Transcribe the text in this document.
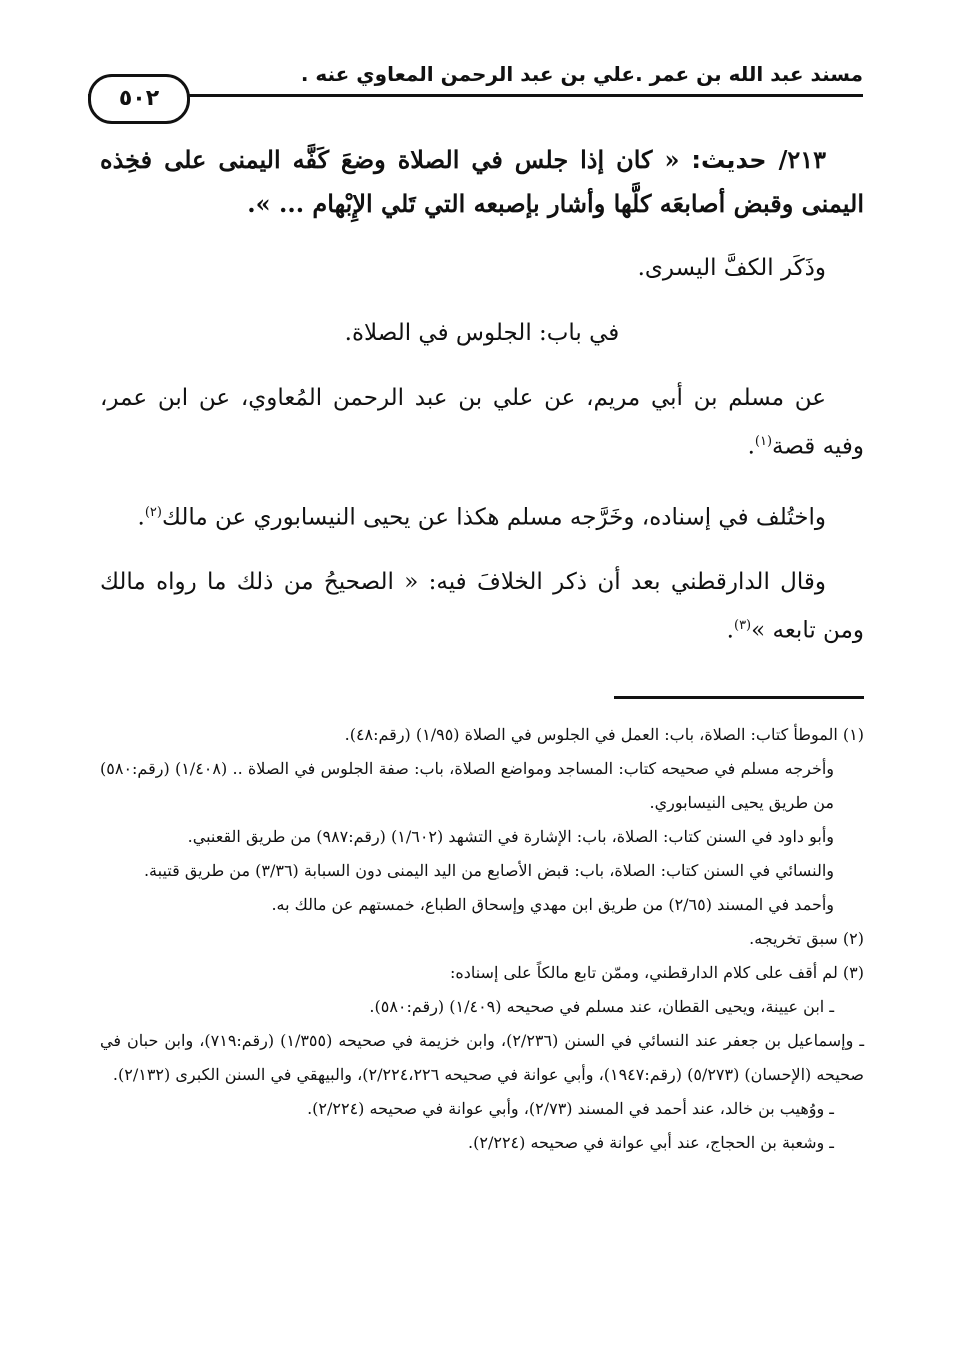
مسند عبد الله بن عمر .علي بن عبد الرحمن المعاوي عنه .
٥٠٢

٢١٣/ حديث: « كان إذا جلس في الصلاة وضعَ كَفَّه اليمنى على فخِذه اليمنى وقبض أصابعَه كلَّها وأشار بإصبعه التي تَلي الإِبْهام ... ».

وذَكَر الكفَّ اليسرى.

في باب: الجلوس في الصلاة.

عن مسلم بن أبي مريم، عن علي بن عبد الرحمن المُعاوي، عن ابن عمر، وفيه قصة$^{(١)}$.

واختُلف في إسناده، وخَرَّجه مسلم هكذا عن يحيى النيسابوري عن مالك$^{(٢)}$.

وقال الدارقطني بعد أن ذكر الخلافَ فيه: « الصحيحُ من ذلك ما رواه مالك ومن تابعه »$^{(٣)}$.

(١) الموطأ كتاب: الصلاة، باب: العمل في الجلوس في الصلاة (١/٩٥) (رقم:٤٨).
وأخرجه مسلم في صحيحه كتاب: المساجد ومواضع الصلاة، باب: صفة الجلوس في الصلاة .. (١/٤٠٨) (رقم:٥٨٠) من طريق يحيى النيسابوري.
وأبو داود في السنن كتاب: الصلاة، باب: الإشارة في التشهد (١/٦٠٢) (رقم:٩٨٧) من طريق القعنبي.
والنسائي في السنن كتاب: الصلاة، باب: قبض الأصابع من اليد اليمنى دون السبابة (٣/٣٦) من طريق قتيبة.
وأحمد في المسند (٢/٦٥) من طريق ابن مهدي وإسحاق الطباع، خمستهم عن مالك به.
(٢) سبق تخريجه.
(٣) لم أقف على كلام الدارقطني، وممّن تابع مالكاً على إسناده:
ـ ابن عيينة، ويحيى القطان، عند مسلم في صحيحه (١/٤٠٩) (رقم:٥٨٠).
ـ وإسماعيل بن جعفر عند النسائي في السنن (٢/٢٣٦)، وابن خزيمة في صحيحه (١/٣٥٥) (رقم:٧١٩)، وابن حبان في صحيحه (الإحسان) (٥/٢٧٣) (رقم:١٩٤٧)، وأبي عوانة في صحيحه ٢/٢٢٤،٢٢٦)، والبيهقي في السنن الكبرى (٢/١٣٢).
ـ ووُهيب بن خالد، عند أحمد في المسند (٢/٧٣)، وأبي عوانة في صحيحه (٢/٢٢٤).
ـ وشعبة بن الحجاج، عند أبي عوانة في صحيحه (٢/٢٢٤).
